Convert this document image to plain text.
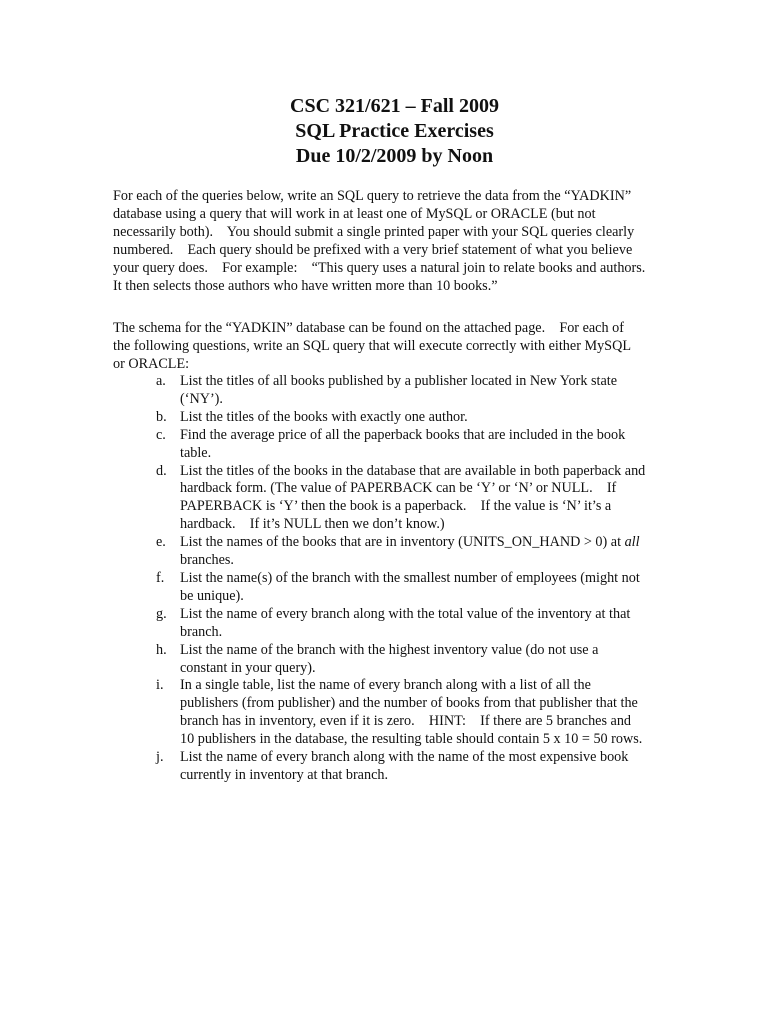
CSC 321/621 – Fall 2009
SQL Practice Exercises
Due 10/2/2009 by Noon
For each of the queries below, write an SQL query to retrieve the data from the “YADKIN”
database using a query that will work in at least one of MySQL or ORACLE (but not
necessarily both).    You should submit a single printed paper with your SQL queries clearly
numbered.    Each query should be prefixed with a very brief statement of what you believe
your query does.    For example:    “This query uses a natural join to relate books and authors.
It then selects those authors who have written more than 10 books.”
The schema for the “YADKIN” database can be found on the attached page.    For each of
the following questions, write an SQL query that will execute correctly with either MySQL
or ORACLE:
a. List the titles of all books published by a publisher located in New York state
(‘NY’).
b. List the titles of the books with exactly one author.
c. Find the average price of all the paperback books that are included in the book
table.
d. List the titles of the books in the database that are available in both paperback and
hardback form. (The value of PAPERBACK can be ‘Y’ or ‘N’ or NULL.    If
PAPERBACK is ‘Y’ then the book is a paperback.    If the value is ‘N’ it’s a
hardback.    If it’s NULL then we don’t know.)
e. List the names of the books that are in inventory (UNITS_ON_HAND > 0) at all
branches.
f. List the name(s) of the branch with the smallest number of employees (might not
be unique).
g. List the name of every branch along with the total value of the inventory at that
branch.
h. List the name of the branch with the highest inventory value (do not use a
constant in your query).
i. In a single table, list the name of every branch along with a list of all the
publishers (from publisher) and the number of books from that publisher that the
branch has in inventory, even if it is zero.    HINT:    If there are 5 branches and
10 publishers in the database, the resulting table should contain 5 x 10 = 50 rows.
j. List the name of every branch along with the name of the most expensive book
currently in inventory at that branch.
